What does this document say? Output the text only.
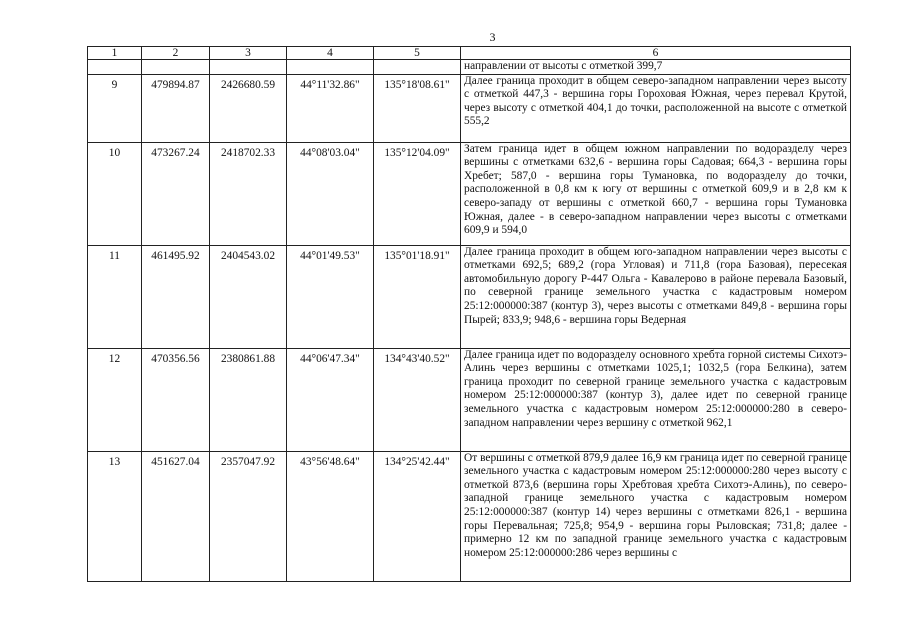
3
1	2	3	4	5	6
					направлении от высоты с отметкой 399,7
9	479894.87	2426680.59	44°11'32.86"	135°18'08.61"	Далее граница проходит в общем северо-западном направлении через высоту с отметкой 447,3 - вершина горы Гороховая Южная, через перевал Крутой, через высоту с отметкой 404,1 до точки, расположенной на высоте с отметкой 555,2
10	473267.24	2418702.33	44°08'03.04"	135°12'04.09"	Затем граница идет в общем южном направлении по водоразделу через вершины с отметками 632,6 - вершина горы Садовая; 664,3 - вершина горы Хребет; 587,0 - вершина горы Тумановка, по водоразделу до точки, расположенной в 0,8 км к югу от вершины с отметкой 609,9 и в 2,8 км к северо-западу от вершины с отметкой 660,7 - вершина горы Тумановка Южная, далее - в северо-западном направлении через высоты с отметками 609,9 и 594,0
11	461495.92	2404543.02	44°01'49.53"	135°01'18.91"	Далее граница проходит в общем юго-западном направлении через высоты с отметками 692,5; 689,2 (гора Угловая) и 711,8 (гора Базовая), пересекая автомобильную дорогу Р-447 Ольга - Кавалерово в районе перевала Базовый, по северной границе земельного участка с кадастровым номером 25:12:000000:387 (контур 3), через высоты с отметками 849,8 - вершина горы Пырей; 833,9; 948,6 - вершина горы Ведерная
12	470356.56	2380861.88	44°06'47.34"	134°43'40.52"	Далее граница идет по водоразделу основного хребта горной системы Сихотэ-Алинь через вершины с отметками 1025,1; 1032,5 (гора Белкина), затем граница проходит по северной границе земельного участка с кадастровым номером 25:12:000000:387 (контур 3), далее идет по северной границе земельного участка с кадастровым номером 25:12:000000:280 в северо-западном направлении через вершину с отметкой 962,1
13	451627.04	2357047.92	43°56'48.64"	134°25'42.44"	От вершины с отметкой 879,9 далее 16,9 км граница идет по северной границе земельного участка с кадастровым номером 25:12:000000:280 через высоту с отметкой 873,6 (вершина горы Хребтовая хребта Сихотэ-Алинь), по северо-западной границе земельного участка с кадастровым номером 25:12:000000:387 (контур 14) через вершины с отметками 826,1 - вершина горы Перевальная; 725,8; 954,9 - вершина горы Рыловская; 731,8; далее - примерно 12 км по западной границе земельного участка с кадастровым номером 25:12:000000:286 через вершины с
